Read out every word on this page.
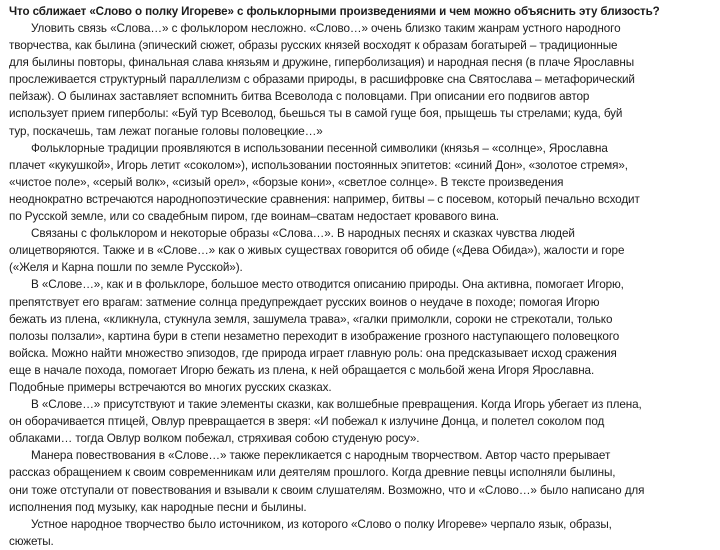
Что сближает «Слово о полку Игореве» с фольклорными произведениями и чем можно объяснить эту близость?

Уловить связь «Слова…» с фольклором несложно. «Слово…» очень близко таким жанрам устного народного
творчества, как былина (эпический сюжет, образы русских князей восходят к образам богатырей – традиционные
для былины повторы, финальная слава князьям и дружине, гиперболизация) и народная песня (в плаче Ярославны
прослеживается структурный параллелизм с образами природы, в расшифровке сна Святослава – метафорический
пейзаж). О былинах заставляет вспомнить битва Всеволода с половцами. При описании его подвигов автор
использует прием гиперболы: «Буй тур Всеволод, бьешься ты в самой гуще боя, прыщешь ты стрелами; куда, буй
тур, поскачешь, там лежат поганые головы половецкие…»
Фольклорные традиции проявляются в использовании песенной символики (князья – «солнце», Ярославна
плачет «кукушкой», Игорь летит «соколом»), использовании постоянных эпитетов: «синий Дон», «золотое стремя»,
«чистое поле», «серый волк», «сизый орел», «борзые кони», «светлое солнце». В тексте произведения
неоднократно встречаются народнопоэтические сравнения: например, битвы – с посевом, который печально всходит
по Русской земле, или со свадебным пиром, где воинам–сватам недостает кровавого вина.
Связаны с фольклором и некоторые образы «Слова…». В народных песнях и сказках чувства людей
олицетворяются. Также и в «Слове…» как о живых существах говорится об обиде («Дева Обида»), жалости и горе
(«Желя и Карна пошли по земле Русской»).
В «Слове…», как и в фольклоре, большое место отводится описанию природы. Она активна, помогает Игорю,
препятствует его врагам: затмение солнца предупреждает русских воинов о неудаче в походе; помогая Игорю
бежать из плена, «кликнула, стукнула земля, зашумела трава», «галки примолкли, сороки не стрекотали, только
полозы ползали», картина бури в степи незаметно переходит в изображение грозного наступающего половецкого
войска. Можно найти множество эпизодов, где природа играет главную роль: она предсказывает исход сражения
еще в начале похода, помогает Игорю бежать из плена, к ней обращается с мольбой жена Игоря Ярославна.
Подобные примеры встречаются во многих русских сказках.
В «Слове…» присутствуют и такие элементы сказки, как волшебные превращения. Когда Игорь убегает из плена,
он оборачивается птицей, Овлур превращается в зверя: «И побежал к излучине Донца, и полетел соколом под
облаками… тогда Овлур волком побежал, стряхивая собою студеную росу».
Манера повествования в «Слове…» также перекликается с народным творчеством. Автор часто прерывает
рассказ обращением к своим современникам или деятелям прошлого. Когда древние певцы исполняли былины,
они тоже отступали от повествования и взывали к своим слушателям. Возможно, что и «Слово…» было написано для
исполнения под музыку, как народные песни и былины.
Устное народное творчество было источником, из которого «Слово о полку Игореве» черпало язык, образы,
сюжеты.
